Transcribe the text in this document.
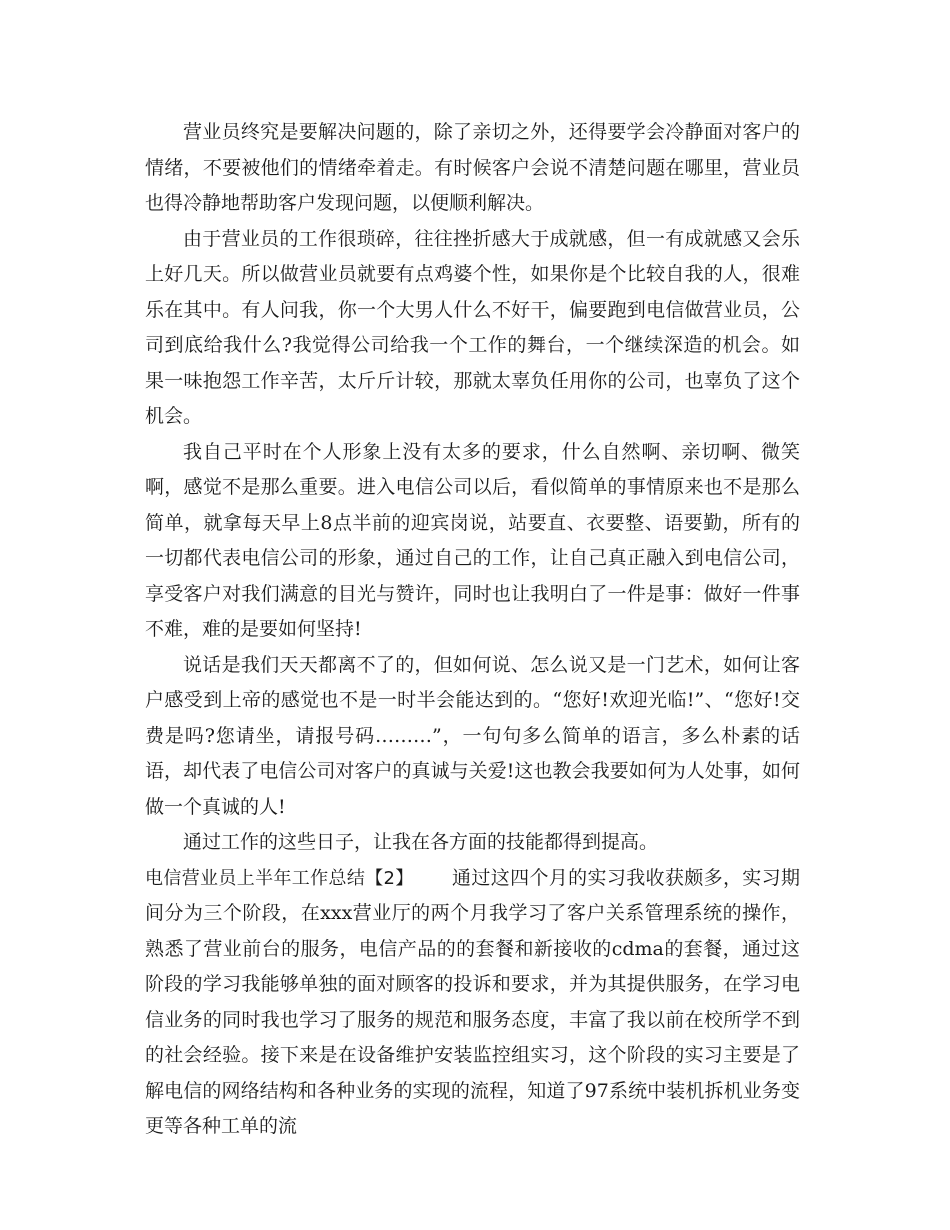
营业员终究是要解决问题的，除了亲切之外，还得要学会冷静面对客户的情绪，不要被他们的情绪牵着走。有时候客户会说不清楚问题在哪里，营业员也得冷静地帮助客户发现问题，以便顺利解决。

由于营业员的工作很琐碎，往往挫折感大于成就感，但一有成就感又会乐上好几天。所以做营业员就要有点鸡婆个性，如果你是个比较自我的人，很难乐在其中。有人问我，你一个大男人什么不好干，偏要跑到电信做营业员，公司到底给我什么?我觉得公司给我一个工作的舞台，一个继续深造的机会。如果一味抱怨工作辛苦，太斤斤计较，那就太辜负任用你的公司，也辜负了这个机会。

我自己平时在个人形象上没有太多的要求，什么自然啊、亲切啊、微笑啊，感觉不是那么重要。进入电信公司以后，看似简单的事情原来也不是那么简单，就拿每天早上8点半前的迎宾岗说，站要直、衣要整、语要勤，所有的一切都代表电信公司的形象，通过自己的工作，让自己真正融入到电信公司，享受客户对我们满意的目光与赞许，同时也让我明白了一件是事：做好一件事不难，难的是要如何坚持!

说话是我们天天都离不了的，但如何说、怎么说又是一门艺术，如何让客户感受到上帝的感觉也不是一时半会能达到的。“您好!欢迎光临!”、“您好!交费是吗?您请坐，请报号码………”，一句句多么简单的语言，多么朴素的话语，却代表了电信公司对客户的真诚与关爱!这也教会我要如何为人处事，如何做一个真诚的人!

通过工作的这些日子，让我在各方面的技能都得到提高。

电信营业员上半年工作总结【2】 通过这四个月的实习我收获颇多，实习期间分为三个阶段，在xxx营业厅的两个月我学习了客户关系管理系统的操作，熟悉了营业前台的服务，电信产品的的套餐和新接收的cdma的套餐，通过这阶段的学习我能够单独的面对顾客的投诉和要求，并为其提供服务，在学习电信业务的同时我也学习了服务的规范和服务态度，丰富了我以前在校所学不到的社会经验。接下来是在设备维护安装监控组实习，这个阶段的实习主要是了解电信的网络结构和各种业务的实现的流程，知道了97系统中装机拆机业务变更等各种工单的流
